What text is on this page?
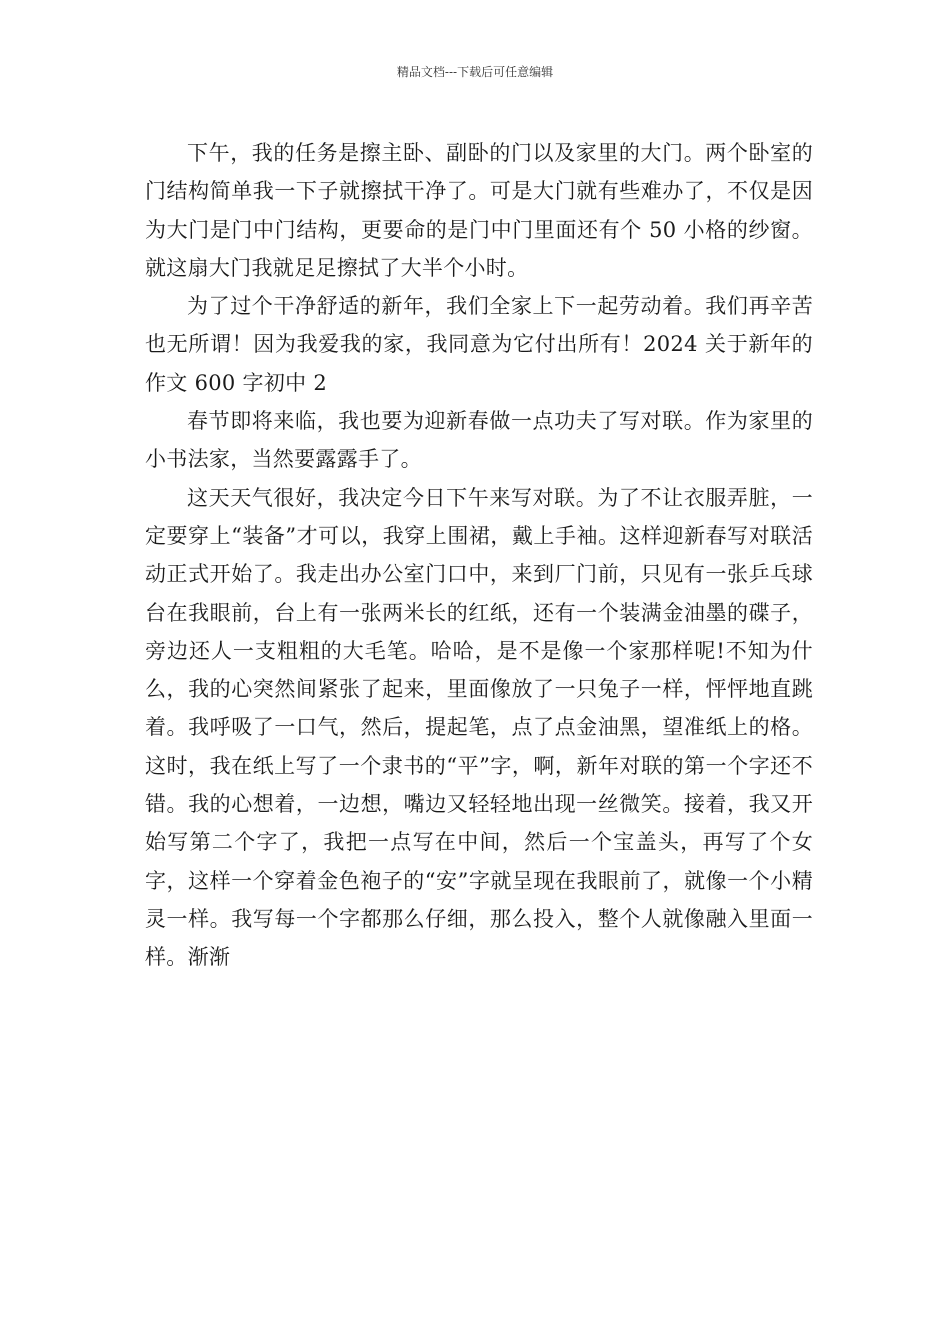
精品文档---下载后可任意编辑

下午，我的任务是擦主卧、副卧的门以及家里的大门。两个卧室的门结构简单我一下子就擦拭干净了。可是大门就有些难办了，不仅是因为大门是门中门结构，更要命的是门中门里面还有个 50 小格的纱窗。就这扇大门我就足足擦拭了大半个小时。

为了过个干净舒适的新年，我们全家上下一起劳动着。我们再辛苦也无所谓！因为我爱我的家，我同意为它付出所有！2024 关于新年的作文 600 字初中 2

春节即将来临，我也要为迎新春做一点功夫了写对联。作为家里的小书法家，当然要露露手了。

这天天气很好，我决定今日下午来写对联。为了不让衣服弄脏，一定要穿上“装备”才可以，我穿上围裙，戴上手袖。这样迎新春写对联活动正式开始了。我走出办公室门口中，来到厂门前，只见有一张乒乓球台在我眼前，台上有一张两米长的红纸，还有一个装满金油墨的碟子，旁边还人一支粗粗的大毛笔。哈哈，是不是像一个家那样呢!不知为什么，我的心突然间紧张了起来，里面像放了一只兔子一样，怦怦地直跳着。我呼吸了一口气，然后，提起笔，点了点金油黑，望准纸上的格。这时，我在纸上写了一个隶书的“平”字，啊，新年对联的第一个字还不错。我的心想着，一边想，嘴边又轻轻地出现一丝微笑。接着，我又开始写第二个字了，我把一点写在中间，然后一个宝盖头，再写了个女字，这样一个穿着金色袍子的“安”字就呈现在我眼前了，就像一个小精灵一样。我写每一个字都那么仔细，那么投入，整个人就像融入里面一样。渐渐
